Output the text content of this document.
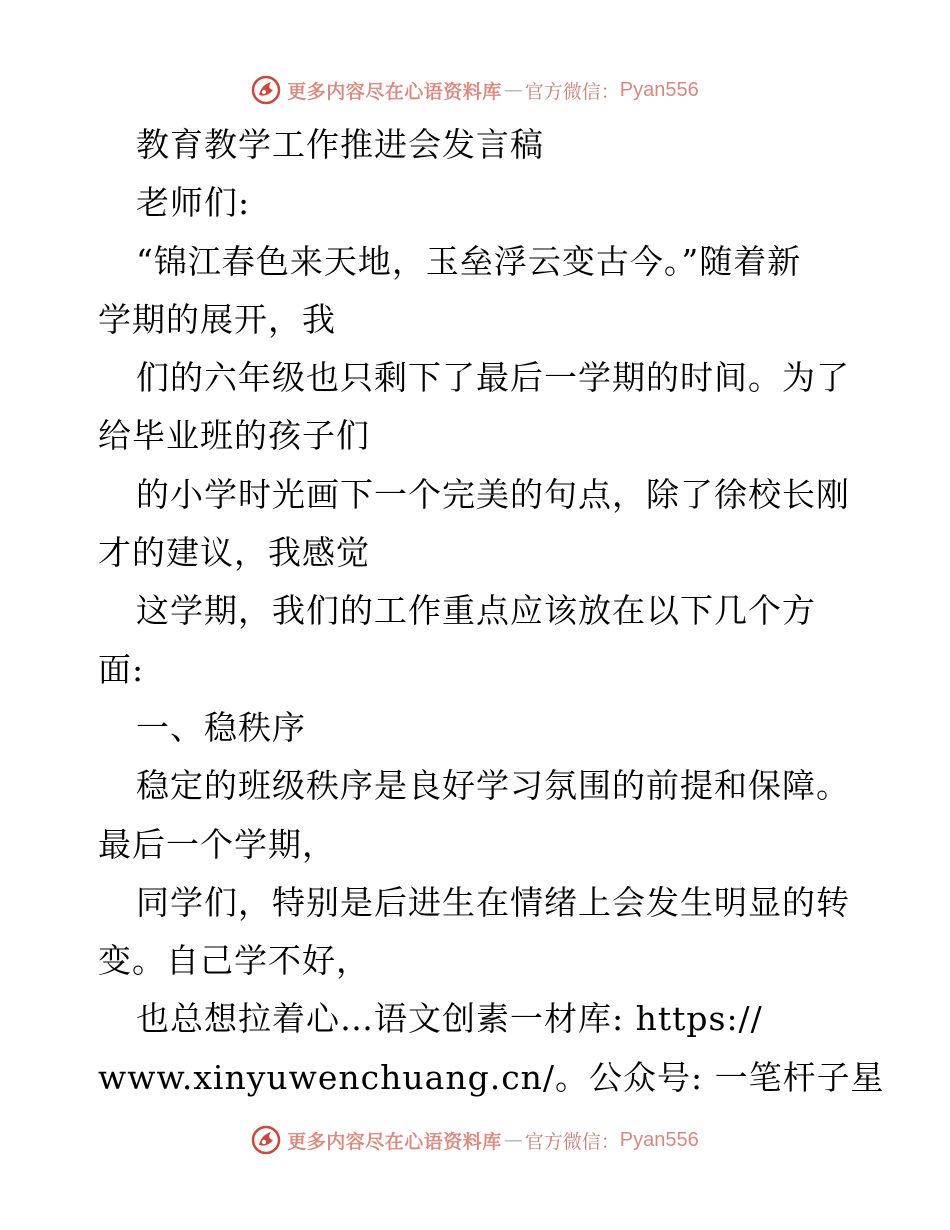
更多内容尽在心语资料库 — 官方微信： Pyan556
教育教学工作推进会发言稿
老师们:
“锦江春色来天地，玉垒浮云变古今。”随着新
学期的展开，我
们的六年级也只剩下了最后一学期的时间。为了
给毕业班的孩子们
的小学时光画下一个完美的句点，除了徐校长刚
才的建议，我感觉
这学期，我们的工作重点应该放在以下几个方
面:
一、稳秩序
稳定的班级秩序是良好学习氛围的前提和保障。
最后一个学期，
同学们，特别是后进生在情绪上会发生明显的转
变。自己学不好，
也总想拉着心…语文创素一材库: https://
www.xinyuwenchuang.cn/。公众号: 一笔杆子星
更多内容尽在心语资料库 — 官方微信： Pyan556
